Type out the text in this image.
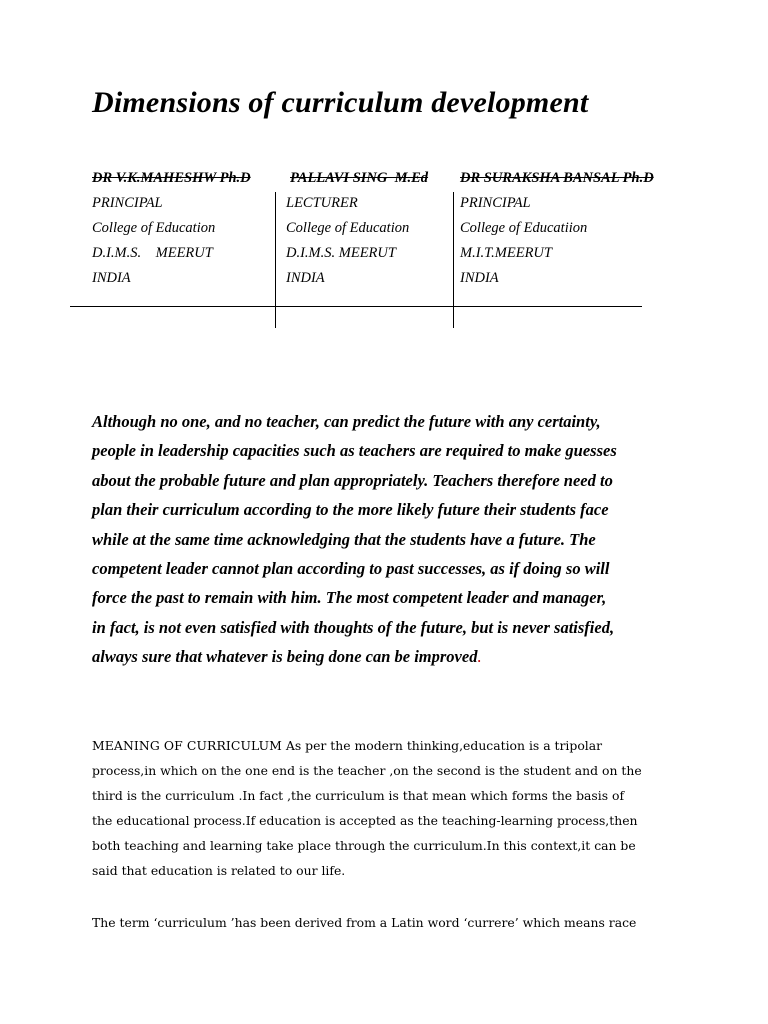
Dimensions of curriculum development
DR V.K.MAHESHW Ph.D
PRINCIPAL
College of Education
D.I.M.S.    MEERUT
INDIA
PALLAVI SING  M.Ed
LECTURER
College of Education
D.I.M.S. MEERUT
INDIA
DR SURAKSHA BANSAL Ph.D
PRINCIPAL
College of Educatiion
M.I.T.MEERUT
INDIA
Although no one, and no teacher, can predict the future with any certainty,
people in leadership capacities such as teachers are required to make guesses
about the probable future and plan appropriately. Teachers therefore need to
plan their curriculum according to the more likely future their students face
while at the same time acknowledging that the students have a future. The
competent leader cannot plan according to past successes, as if doing so will
force the past to remain with him. The most competent leader and manager,
in fact, is not even satisfied with thoughts of the future, but is never satisfied,
always sure that whatever is being done can be improved.
MEANING OF CURRICULUM As per the modern thinking,education is a tripolar
process,in which on the one end is the teacher ,on the second is the student and on the
third is the curriculum .In fact ,the curriculum is that mean which forms the basis of
the educational process.If education is accepted as the teaching-learning process,then
both teaching and learning take place through the curriculum.In this context,it can be
said that education is related to our life.
The term ‘curriculum ’has been derived from a Latin word ‘currere’ which means race
